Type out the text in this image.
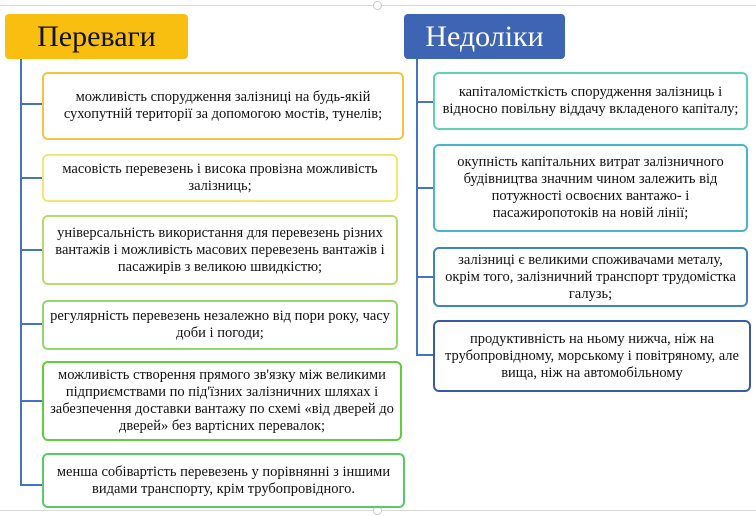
Переваги	Недоліки
можливість спорудження залізниці на будь-якій сухопутній території за допомогою мостів, тунелів;
масовість перевезень і висока провізна можливість залізниць;
універсальність використання для перевезень різних вантажів і можливість масових перевезень вантажів і пасажирів з великою швидкістю;
регулярність перевезень незалежно від пори року, часу доби і погоди;
можливість створення прямого зв'язку між великими підприємствами по під'їзних залізничних шляхах і забезпечення доставки вантажу по схемі «від дверей до дверей» без вартісних перевалок;
менша собівартість перевезень у порівнянні з іншими видами транспорту, крім трубопровідного.
капіталомісткість спорудження залізниць і відносно повільну віддачу вкладеного капіталу;
окупність капітальних витрат залізничного будівництва значним чином залежить від потужності освоєних вантажо- і пасажиропотоків на новій лінії;
залізниці є великими споживачами металу, окрім того, залізничний транспорт трудомістка галузь;
продуктивність на ньому нижча, ніж на трубопровідному, морському і повітряному, але вища, ніж на автомобільному
